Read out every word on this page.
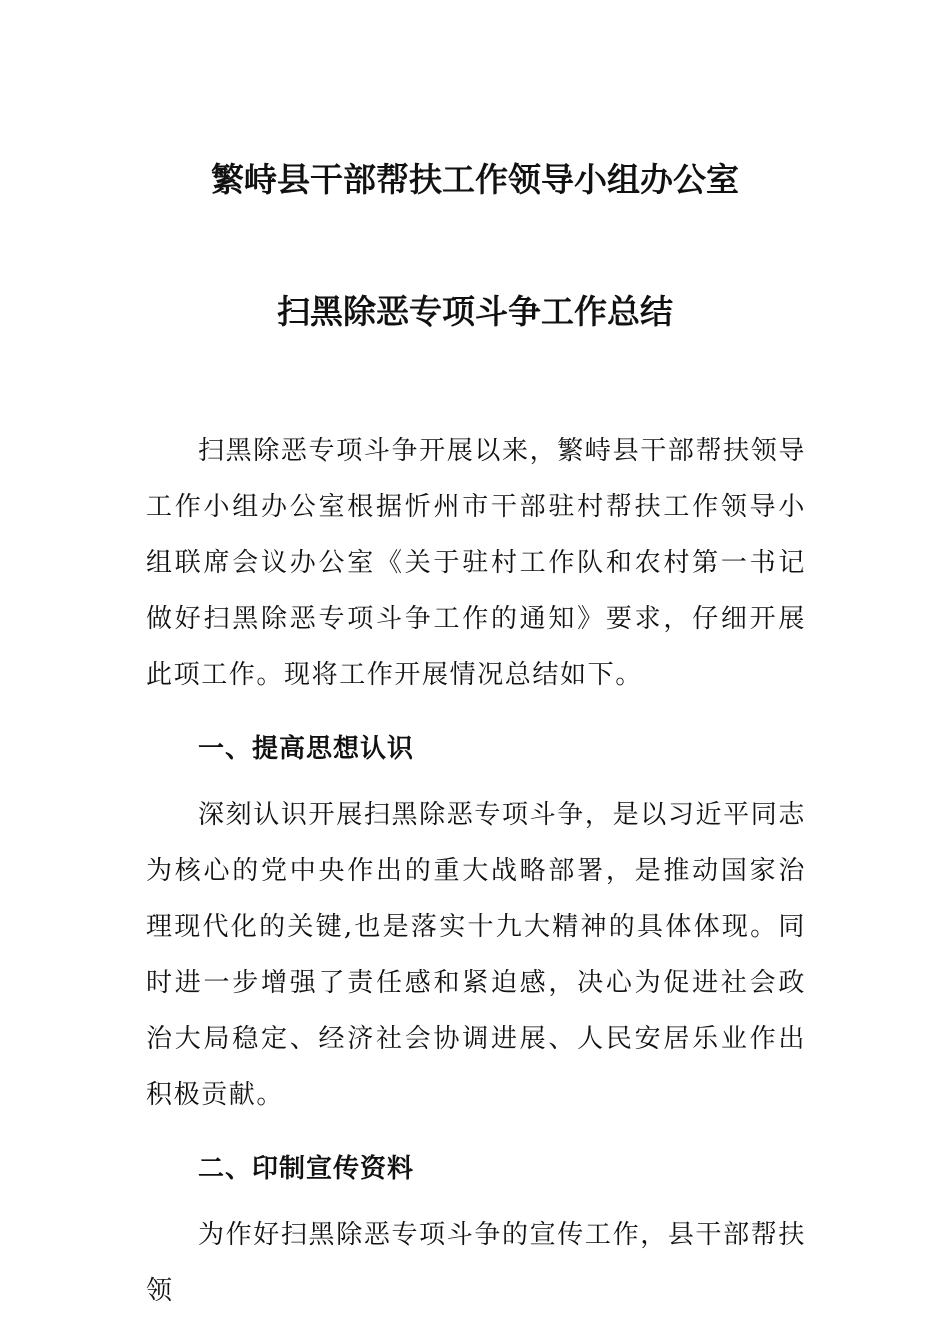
繁峙县干部帮扶工作领导小组办公室
扫黑除恶专项斗争工作总结

扫黑除恶专项斗争开展以来，繁峙县干部帮扶领导工作小组办公室根据忻州市干部驻村帮扶工作领导小组联席会议办公室《关于驻村工作队和农村第一书记做好扫黑除恶专项斗争工作的通知》要求，仔细开展此项工作。现将工作开展情况总结如下。

一、提高思想认识

深刻认识开展扫黑除恶专项斗争，是以习近平同志为核心的党中央作出的重大战略部署，是推动国家治理现代化的关键,也是落实十九大精神的具体体现。同时进一步增强了责任感和紧迫感，决心为促进社会政治大局稳定、经济社会协调进展、人民安居乐业作出积极贡献。

二、印制宣传资料

为作好扫黑除恶专项斗争的宣传工作，县干部帮扶领
